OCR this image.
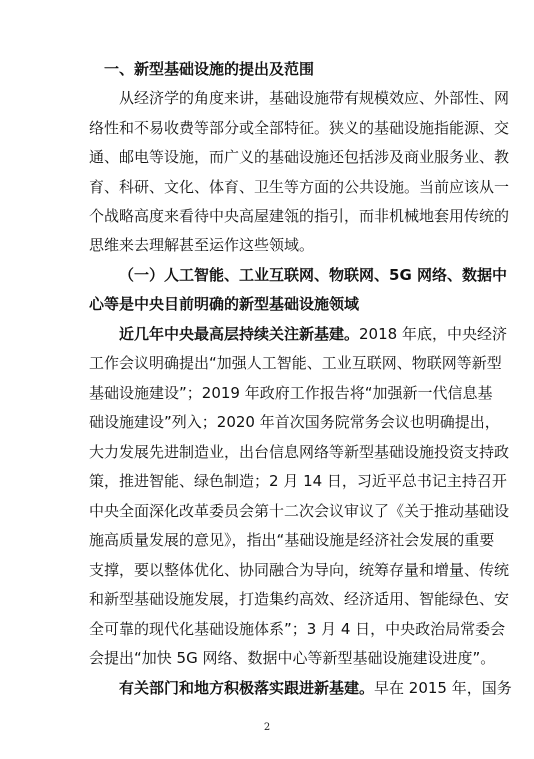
一、新型基础设施的提出及范围
从经济学的角度来讲，基础设施带有规模效应、外部性、网
络性和不易收费等部分或全部特征。狭义的基础设施指能源、交
通、邮电等设施，而广义的基础设施还包括涉及商业服务业、教
育、科研、文化、体育、卫生等方面的公共设施。当前应该从一
个战略高度来看待中央高屋建瓴的指引，而非机械地套用传统的
思维来去理解甚至运作这些领域。
（一）人工智能、工业互联网、物联网、5G 网络、数据中
心等是中央目前明确的新型基础设施领域
近几年中央最高层持续关注新基建。2018 年底，中央经济
工作会议明确提出“加强人工智能、工业互联网、物联网等新型
基础设施建设”；2019 年政府工作报告将“加强新一代信息基
础设施建设”列入；2020 年首次国务院常务会议也明确提出，
大力发展先进制造业，出台信息网络等新型基础设施投资支持政
策，推进智能、绿色制造；2 月 14 日，习近平总书记主持召开
中央全面深化改革委员会第十二次会议审议了《关于推动基础设
施高质量发展的意见》，指出“基础设施是经济社会发展的重要
支撑，要以整体优化、协同融合为导向，统筹存量和增量、传统
和新型基础设施发展，打造集约高效、经济适用、智能绿色、安
全可靠的现代化基础设施体系”；3 月 4 日，中央政治局常委会
会提出“加快 5G 网络、数据中心等新型基础设施建设进度”。
有关部门和地方积极落实跟进新基建。早在 2015 年，国务
2
